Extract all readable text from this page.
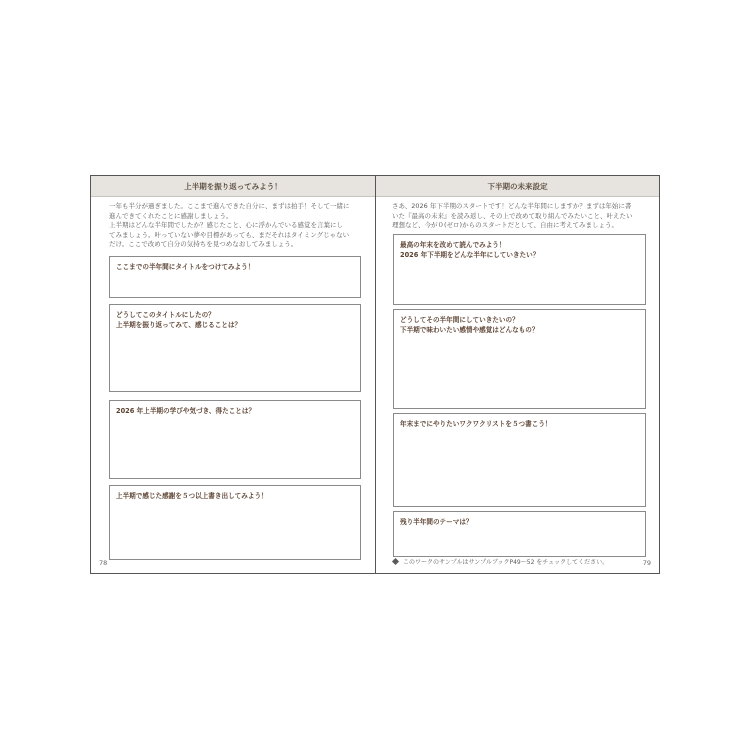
上半期を振り返ってみよう！

一年も半分が過ぎました。ここまで進んできた自分に、まずは拍手！そして一緒に

進んできてくれたことに感謝しましょう。

上半期はどんな半年間でしたか？感じたこと、心に浮かんでいる感覚を言葉にし

てみましょう。叶っていない夢や目標があっても、まだそれはタイミングじゃない

だけ。ここで改めて自分の気持ちを見つめなおしてみましょう。

ここまでの半年間にタイトルをつけてみよう！
どうしてこのタイトルにしたの？
上半期を振り返ってみて、感じることは？
2026 年上半期の学びや気づき、得たことは？
上半期で感じた感謝を５つ以上書き出してみよう！
78
下半期の未来設定

さあ、2026 年下半期のスタートです！どんな半年間にしますか？まずは年始に書

いた『最高の未来』を読み返し、その上で改めて取り組んでみたいこと、叶えたい

理想など、今が０(ゼロ)からのスタートだとして、自由に考えてみましょう。

最高の年末を改めて読んでみよう！
2026 年下半期をどんな半年にしていきたい？
どうしてその半年間にしていきたいの？
下半期で味わいたい感情や感覚はどんなもの？
年末までにやりたいワクワクリストを５つ書こう！
残り半年間のテーマは？
このワークのサンプルはサンプルブックP49〜52 をチェックしてください。	79
